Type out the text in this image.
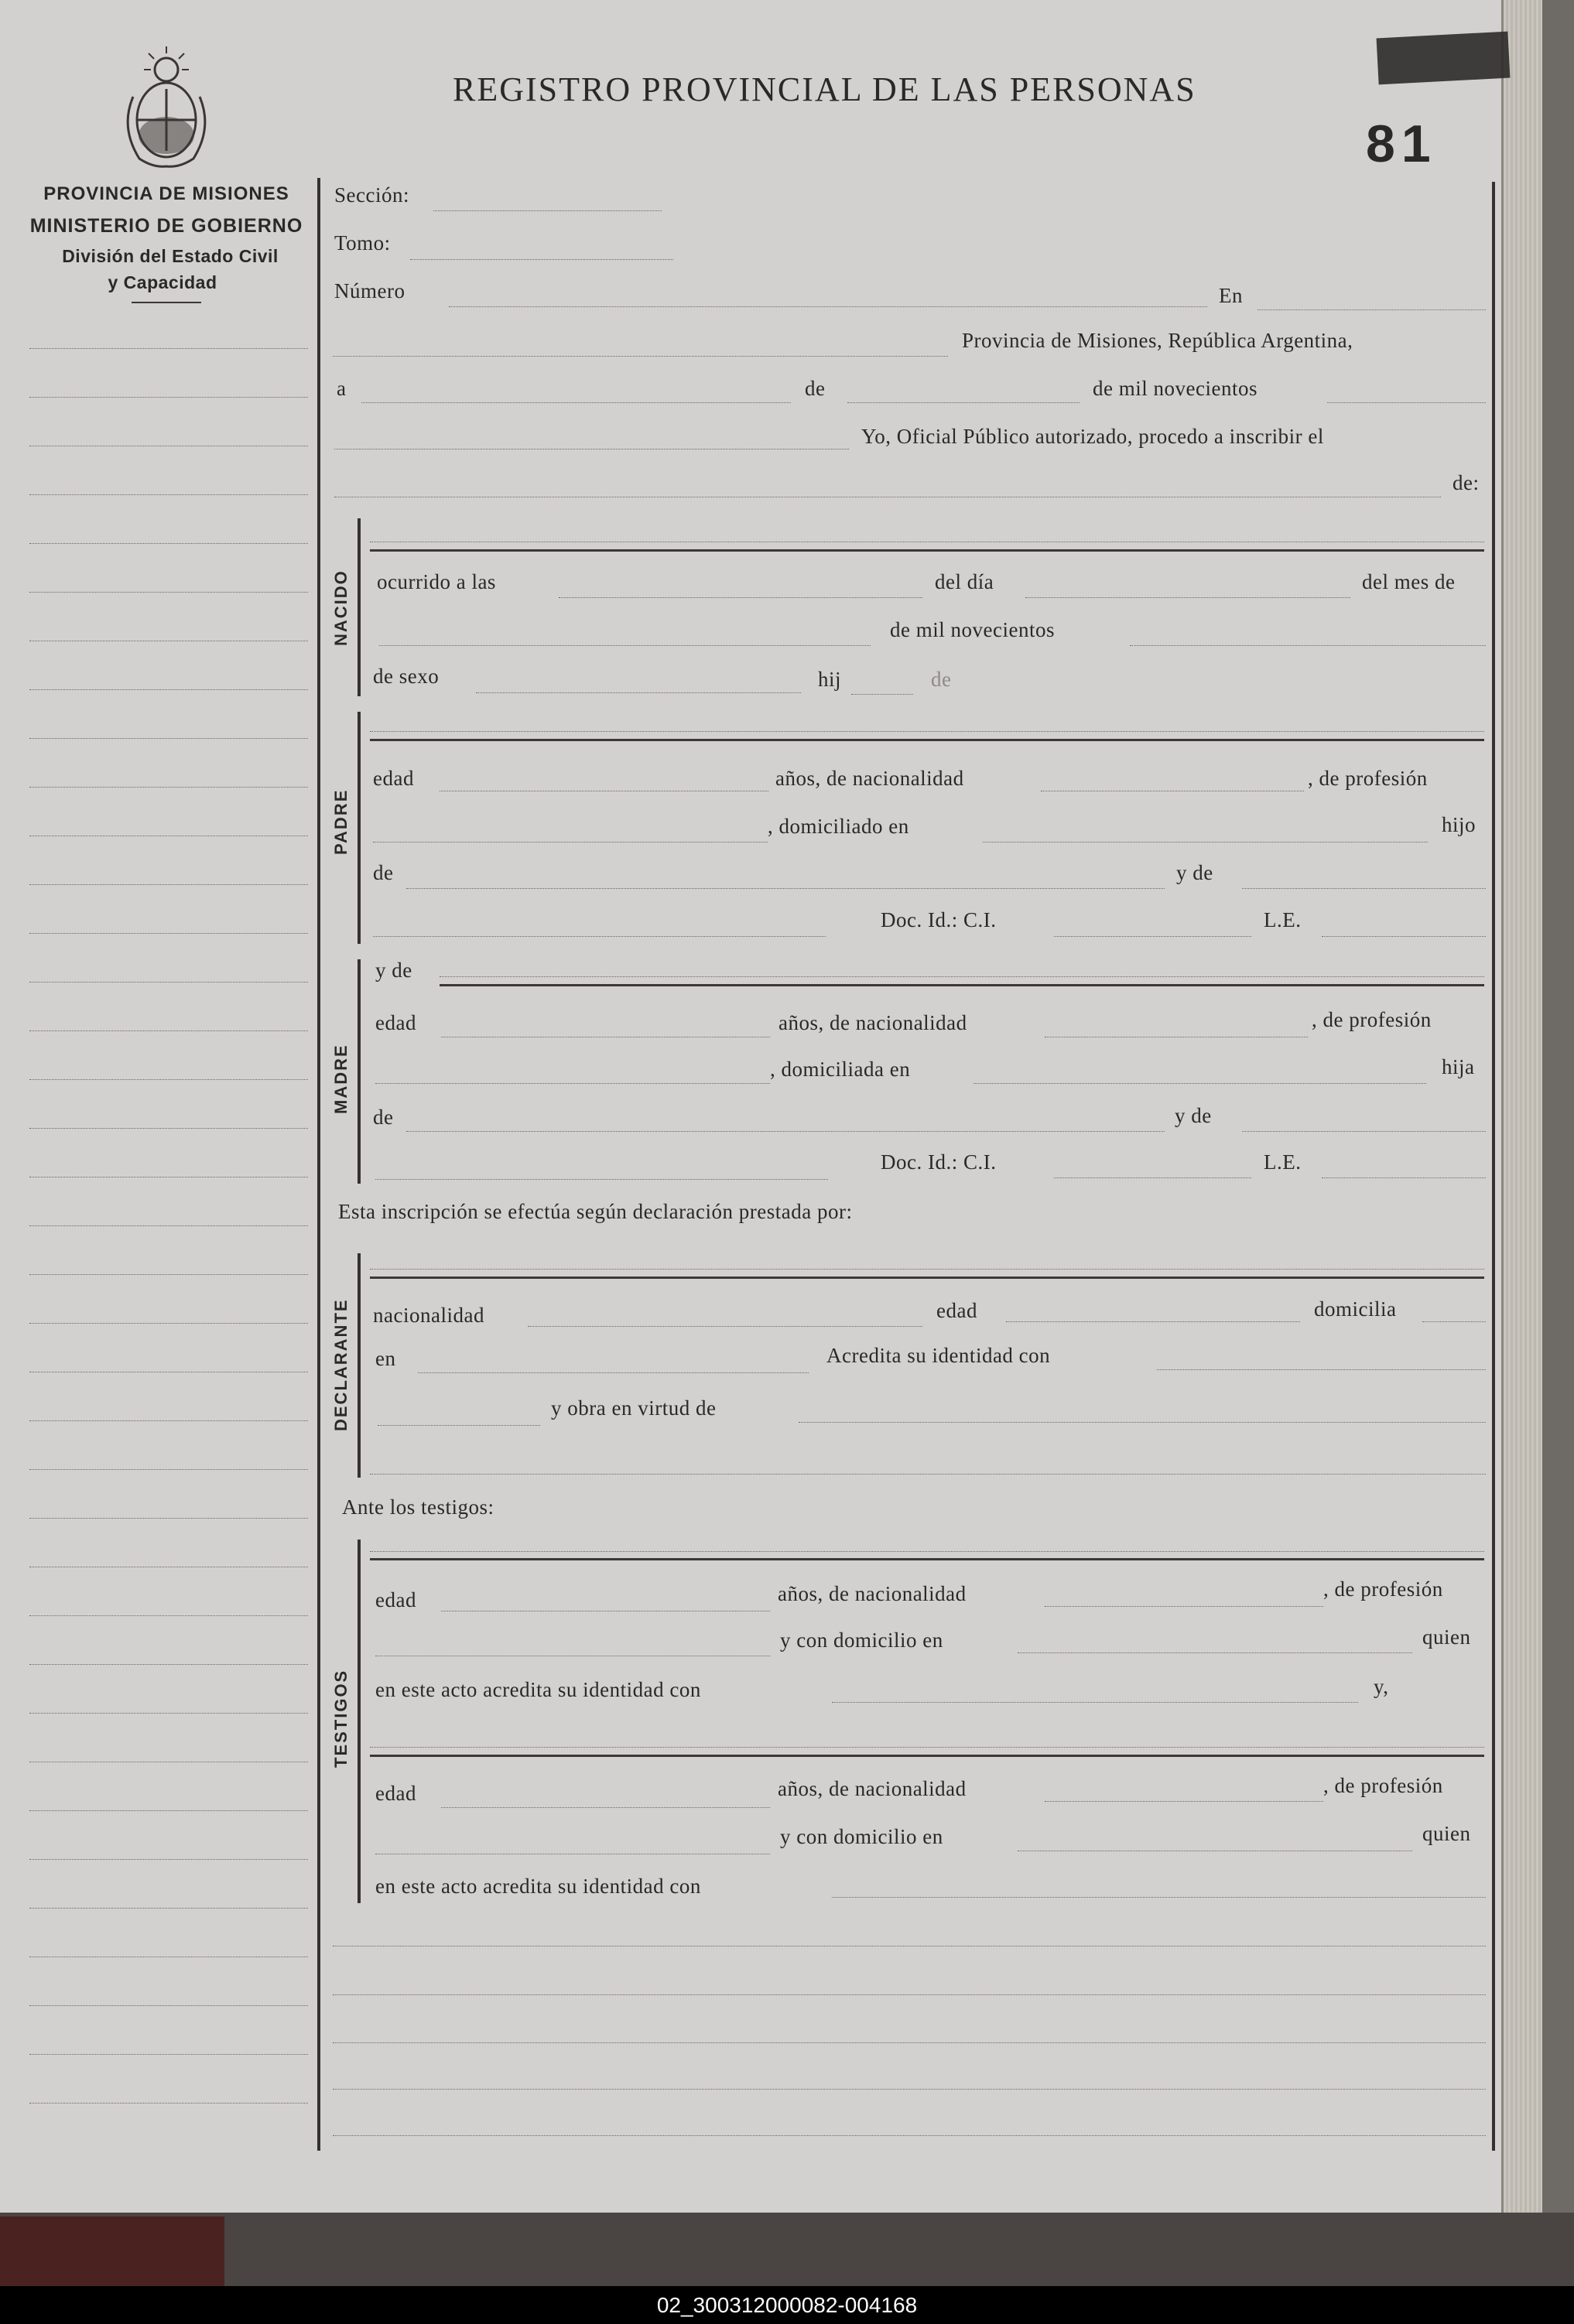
REGISTRO PROVINCIAL DE LAS PERSONAS
81
PROVINCIA DE MISIONES
MINISTERIO DE GOBIERNO
División del Estado Civil
y Capacidad
Sección:
Tomo:
Número	En
Provincia de Misiones, República Argentina,
a	de	de mil novecientos
Yo, Oficial Público autorizado, procedo a inscribir el
de:
NACIDO ocurrido a las	del día	del mes de
de mil novecientos
de sexo	hij	de
PADRE
edad	años, de nacionalidad	, de profesión
, domiciliado en	hijo
de	y de
Doc. Id.: C.I.	L.E.
MADRE
y de
edad	años, de nacionalidad	, de profesión
, domiciliada en	hija
de	y de
Doc. Id.: C.I.	L.E.
Esta inscripción se efectúa según declaración prestada por:
DECLARANTE nacionalidad	edad	domicilia
en	Acredita su identidad con
y obra en virtud de
Ante los testigos:
TESTIGOS
edad	años, de nacionalidad	, de profesión
y con domicilio en	quien
en este acto acredita su identidad con	y,
edad	años, de nacionalidad	, de profesión
y con domicilio en	quien
en este acto acredita su identidad con
02_300312000082-004168
